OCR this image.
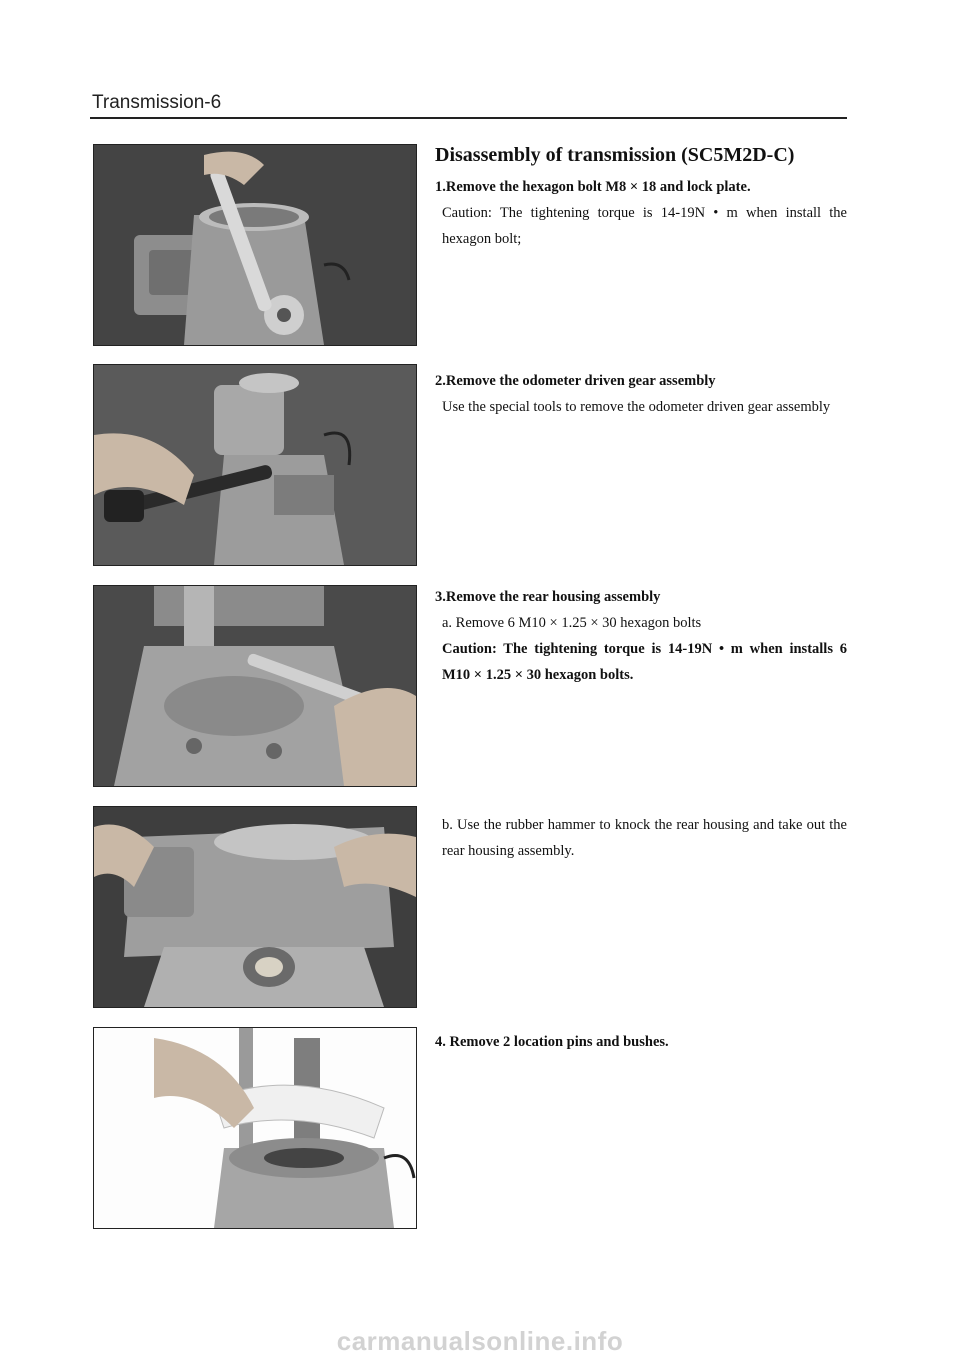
Transmission-6
Disassembly of transmission (SC5M2D-C)
1.Remove the hexagon bolt M8 × 18 and lock plate.
Caution: The tightening torque is 14-19N • m when install the hexagon bolt;
2.Remove the odometer driven gear assembly
Use the special tools to remove the odometer driven gear assembly
3.Remove the rear housing assembly
a. Remove 6 M10 × 1.25 × 30 hexagon bolts
Caution: The tightening torque is 14-19N • m when installs 6 M10 × 1.25 × 30 hexagon bolts.
b. Use the rubber hammer to knock the rear housing and take out the rear housing assembly.
4. Remove 2 location pins and bushes.
carmanualsonline.info
